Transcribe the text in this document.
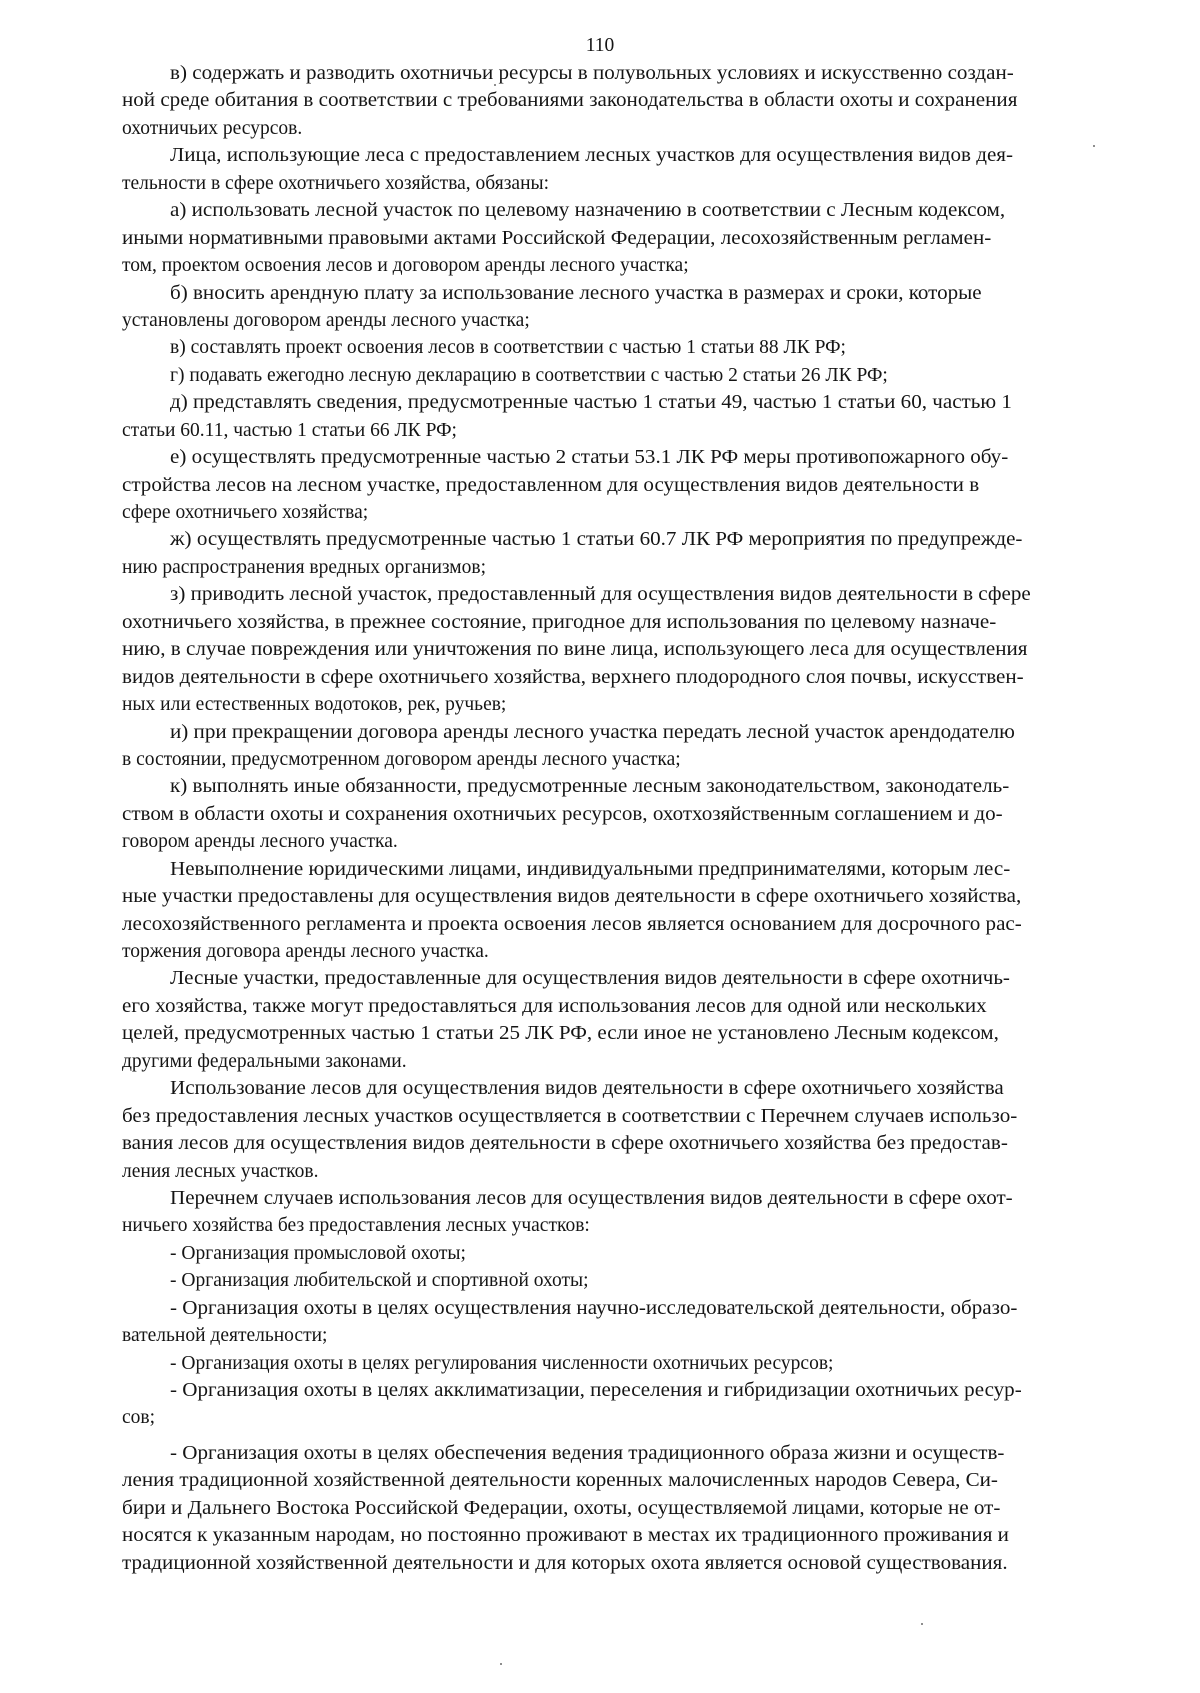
110
в) содержать и разводить охотничьи ресурсы в полувольных условиях и искусственно создан-
ной среде обитания в соответствии с требованиями законодательства в области охоты и сохранения
охотничьих ресурсов.
Лица, использующие леса с предоставлением лесных участков для осуществления видов дея-
тельности в сфере охотничьего хозяйства, обязаны:
а) использовать лесной участок по целевому назначению в соответствии с Лесным кодексом,
иными нормативными правовыми актами Российской Федерации, лесохозяйственным регламен-
том, проектом освоения лесов и договором аренды лесного участка;
б) вносить арендную плату за использование лесного участка в размерах и сроки, которые
установлены договором аренды лесного участка;
в) составлять проект освоения лесов в соответствии с частью 1 статьи 88 ЛК РФ;
г) подавать ежегодно лесную декларацию в соответствии с частью 2 статьи 26 ЛК РФ;
д) представлять сведения, предусмотренные частью 1 статьи 49, частью 1 статьи 60, частью 1
статьи 60.11, частью 1 статьи 66 ЛК РФ;
е) осуществлять предусмотренные частью 2 статьи 53.1 ЛК РФ меры противопожарного обу-
стройства лесов на лесном участке, предоставленном для осуществления видов деятельности в
сфере охотничьего хозяйства;
ж) осуществлять предусмотренные частью 1 статьи 60.7 ЛК РФ мероприятия по предупрежде-
нию распространения вредных организмов;
з) приводить лесной участок, предоставленный для осуществления видов деятельности в сфере
охотничьего хозяйства, в прежнее состояние, пригодное для использования по целевому назначе-
нию, в случае повреждения или уничтожения по вине лица, использующего леса для осуществления
видов деятельности в сфере охотничьего хозяйства, верхнего плодородного слоя почвы, искусствен-
ных или естественных водотоков, рек, ручьев;
и) при прекращении договора аренды лесного участка передать лесной участок арендодателю
в состоянии, предусмотренном договором аренды лесного участка;
к) выполнять иные обязанности, предусмотренные лесным законодательством, законодатель-
ством в области охоты и сохранения охотничьих ресурсов, охотхозяйственным соглашением и до-
говором аренды лесного участка.
Невыполнение юридическими лицами, индивидуальными предпринимателями, которым лес-
ные участки предоставлены для осуществления видов деятельности в сфере охотничьего хозяйства,
лесохозяйственного регламента и проекта освоения лесов является основанием для досрочного рас-
торжения договора аренды лесного участка.
Лесные участки, предоставленные для осуществления видов деятельности в сфере охотничь-
его хозяйства, также могут предоставляться для использования лесов для одной или нескольких
целей, предусмотренных частью 1 статьи 25 ЛК РФ, если иное не установлено Лесным кодексом,
другими федеральными законами.
Использование лесов для осуществления видов деятельности в сфере охотничьего хозяйства
без предоставления лесных участков осуществляется в соответствии с Перечнем случаев использо-
вания лесов для осуществления видов деятельности в сфере охотничьего хозяйства без предостав-
ления лесных участков.
Перечнем случаев использования лесов для осуществления видов деятельности в сфере охот-
ничьего хозяйства без предоставления лесных участков:
- Организация промысловой охоты;
- Организация любительской и спортивной охоты;
- Организация охоты в целях осуществления научно-исследовательской деятельности, образо-
вательной деятельности;
- Организация охоты в целях регулирования численности охотничьих ресурсов;
- Организация охоты в целях акклиматизации, переселения и гибридизации охотничьих ресур-
сов;
- Организация охоты в целях обеспечения ведения традиционного образа жизни и осуществ-
ления традиционной хозяйственной деятельности коренных малочисленных народов Севера, Си-
бири и Дальнего Востока Российской Федерации, охоты, осуществляемой лицами, которые не от-
носятся к указанным народам, но постоянно проживают в местах их традиционного проживания и
традиционной хозяйственной деятельности и для которых охота является основой существования.
